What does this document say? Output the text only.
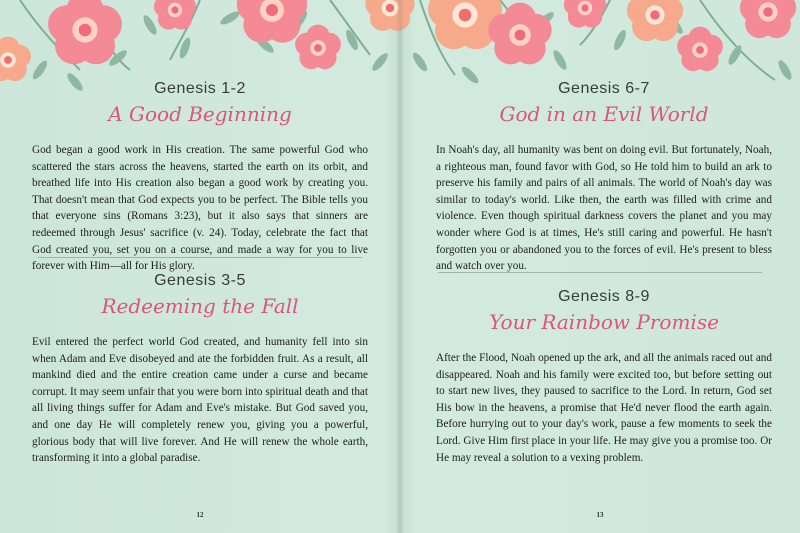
Genesis 1-2

A Good Beginning

God began a good work in His creation. The same powerful God who scattered the stars across the heavens, started the earth on its orbit, and breathed life into His creation also began a good work by creating you. That doesn't mean that God expects you to be perfect. The Bible tells you that everyone sins (Romans 3:23), but it also says that sinners are redeemed through Jesus' sacrifice (v. 24). Today, celebrate the fact that God created you, set you on a course, and made a way for you to live forever with Him—all for His glory.

Genesis 3-5

Redeeming the Fall

Evil entered the perfect world God created, and humanity fell into sin when Adam and Eve disobeyed and ate the forbidden fruit. As a result, all mankind died and the entire creation came under a curse and became corrupt. It may seem unfair that you were born into spiritual death and that all living things suffer for Adam and Eve's mistake. But God saved you, and one day He will completely renew you, giving you a powerful, glorious body that will live forever. And He will renew the whole earth, transforming it into a global paradise.

12

Genesis 6-7

God in an Evil World

In Noah's day, all humanity was bent on doing evil. But fortunately, Noah, a righteous man, found favor with God, so He told him to build an ark to preserve his family and pairs of all animals. The world of Noah's day was similar to today's world. Like then, the earth was filled with crime and violence. Even though spiritual darkness covers the planet and you may wonder where God is at times, He's still caring and powerful. He hasn't forgotten you or abandoned you to the forces of evil. He's present to bless and watch over you.

Genesis 8-9

Your Rainbow Promise

After the Flood, Noah opened up the ark, and all the animals raced out and disappeared. Noah and his family were excited too, but before setting out to start new lives, they paused to sacrifice to the Lord. In return, God set His bow in the heavens, a promise that He'd never flood the earth again. Before hurrying out to your day's work, pause a few moments to seek the Lord. Give Him first place in your life. He may give you a promise too. Or He may reveal a solution to a vexing problem.

13
